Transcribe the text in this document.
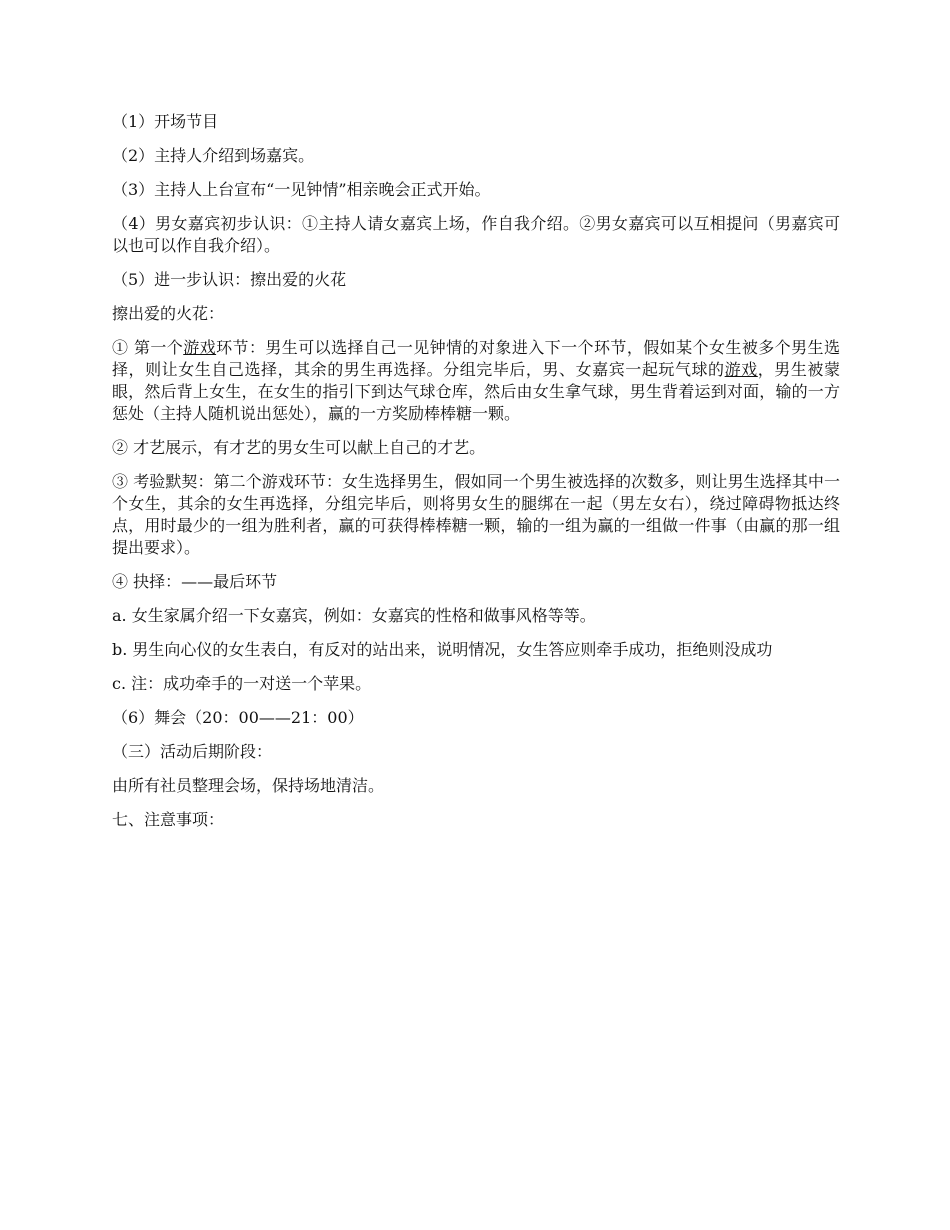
（1）开场节目

（2）主持人介绍到场嘉宾。

（3）主持人上台宣布“一见钟情”相亲晚会正式开始。

（4）男女嘉宾初步认识：①主持人请女嘉宾上场，作自我介绍。②男女嘉宾可以互相提问（男嘉宾可以也可以作自我介绍）。

（5）进一步认识：擦出爱的火花

擦出爱的火花：

① 第一个游戏环节：男生可以选择自己一见钟情的对象进入下一个环节，假如某个女生被多个男生选择，则让女生自己选择，其余的男生再选择。分组完毕后，男、女嘉宾一起玩气球的游戏，男生被蒙眼，然后背上女生，在女生的指引下到达气球仓库，然后由女生拿气球，男生背着运到对面，输的一方惩处（主持人随机说出惩处），赢的一方奖励棒棒糖一颗。

② 才艺展示，有才艺的男女生可以献上自己的才艺。

③ 考验默契：第二个游戏环节：女生选择男生，假如同一个男生被选择的次数多，则让男生选择其中一个女生，其余的女生再选择，分组完毕后，则将男女生的腿绑在一起（男左女右），绕过障碍物抵达终点，用时最少的一组为胜利者，赢的可获得棒棒糖一颗，输的一组为赢的一组做一件事（由赢的那一组提出要求）。

④ 抉择：——最后环节

a. 女生家属介绍一下女嘉宾，例如：女嘉宾的性格和做事风格等等。

b. 男生向心仪的女生表白，有反对的站出来，说明情况，女生答应则牵手成功，拒绝则没成功

c. 注：成功牵手的一对送一个苹果。

（6）舞会（20：00——21：00）

（三）活动后期阶段：

由所有社员整理会场，保持场地清洁。

七、注意事项：
